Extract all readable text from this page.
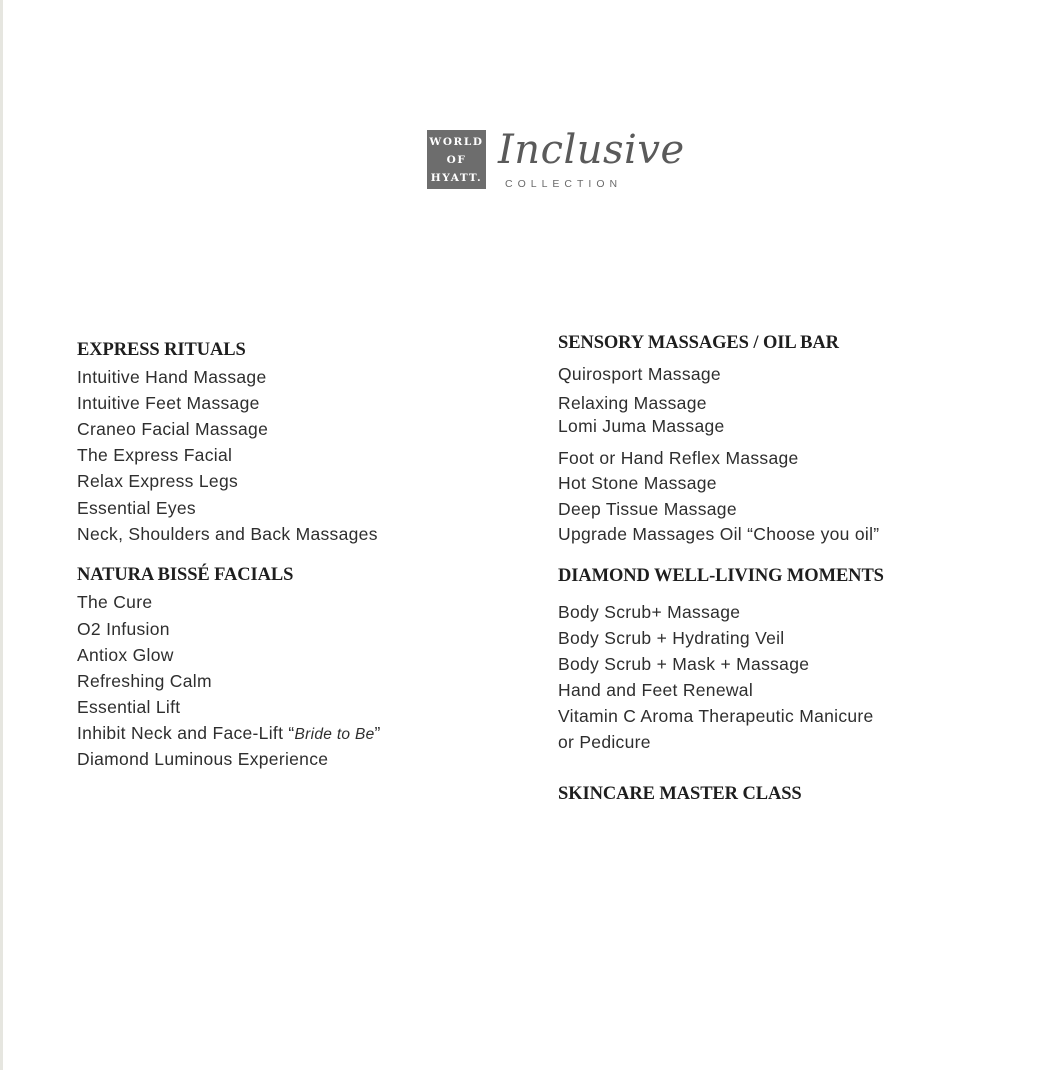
WORLD
OF
HYATT.
Inclusive
COLLECTION
EXPRESS RITUALS
Intuitive Hand Massage
Intuitive Feet Massage
Craneo Facial Massage
The Express Facial
Relax Express Legs
Essential Eyes
Neck, Shoulders and Back Massages
NATURA BISSÉ FACIALS
The Cure
O2 Infusion
Antiox Glow
Refreshing Calm
Essential Lift
Inhibit Neck and Face-Lift “Bride to Be”
Diamond Luminous Experience
SENSORY MASSAGES / OIL BAR
Quirosport Massage
Relaxing Massage
Lomi Juma Massage
Foot or Hand Reflex Massage
Hot Stone Massage
Deep Tissue Massage
Upgrade Massages Oil “Choose you oil”
DIAMOND WELL-LIVING MOMENTS
Body Scrub+ Massage
Body Scrub + Hydrating Veil
Body Scrub + Mask + Massage
Hand and Feet Renewal
Vitamin C Aroma Therapeutic Manicure
or Pedicure
SKINCARE MASTER CLASS
